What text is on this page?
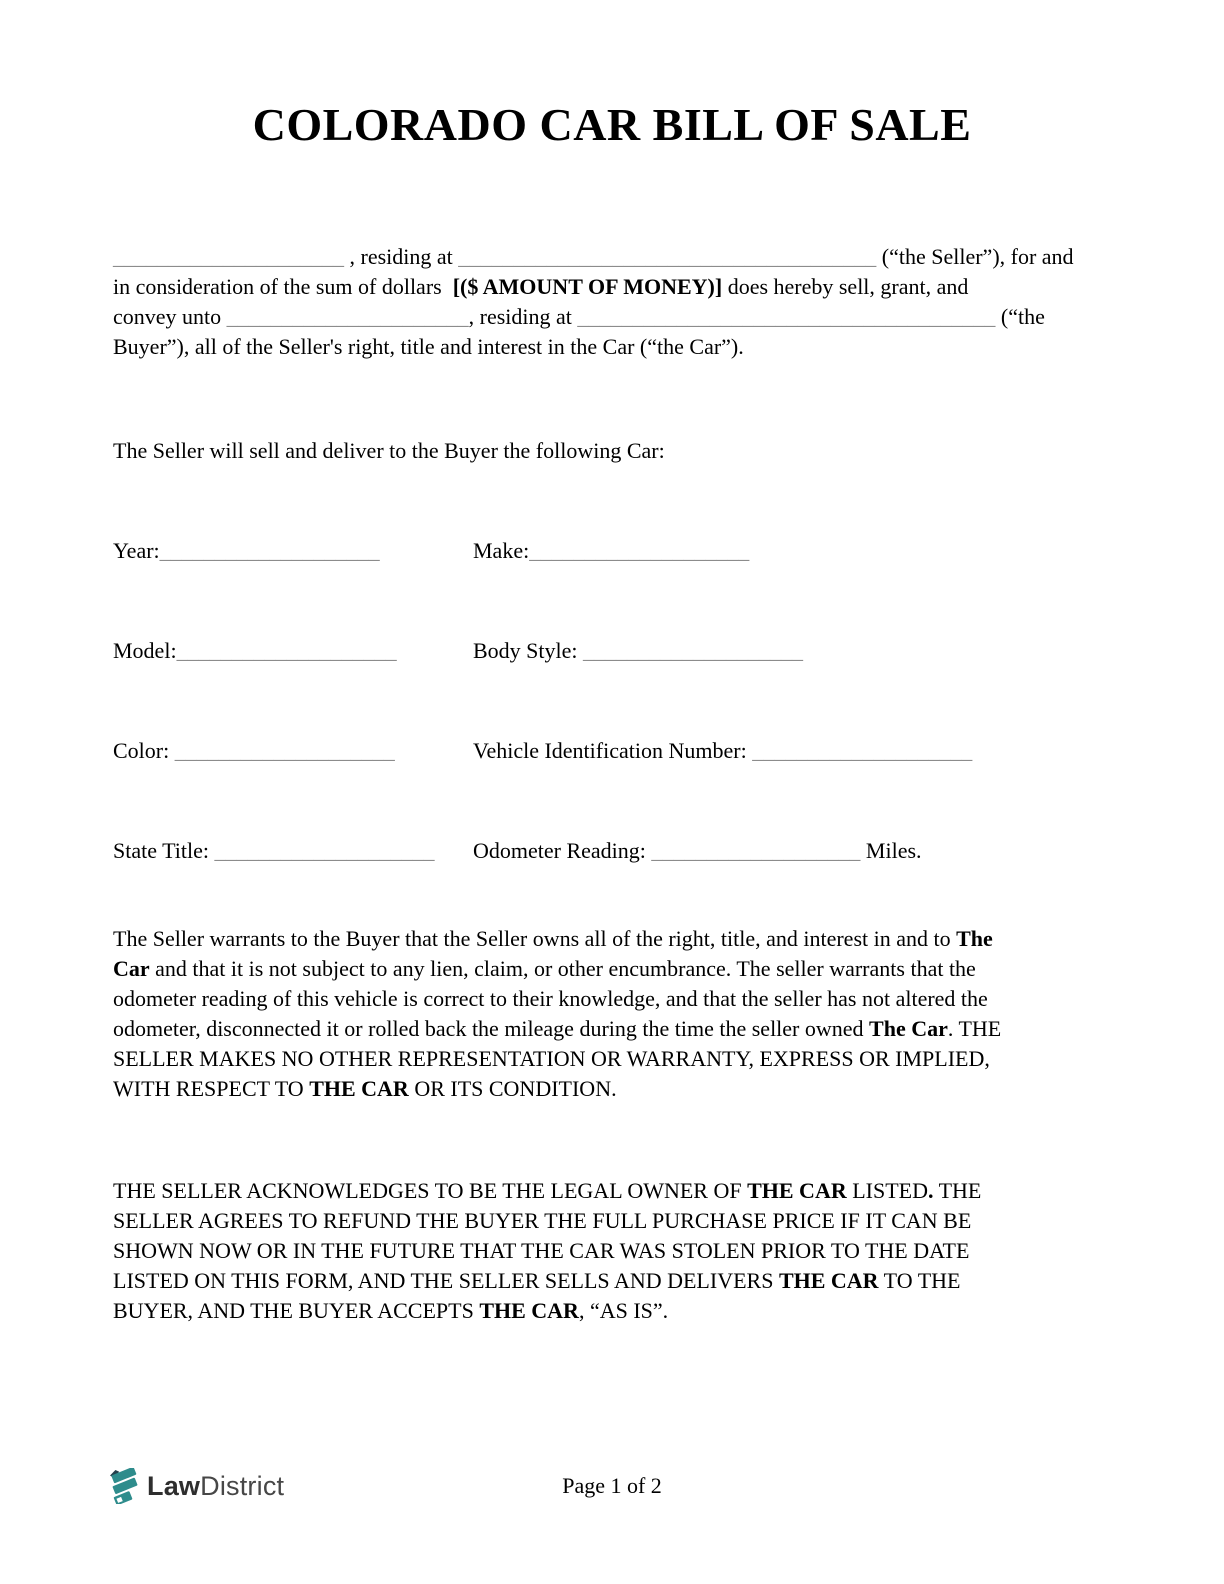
COLORADO CAR BILL OF SALE
_____________________ , residing at ______________________________________ (“the Seller”), for and
in consideration of the sum of dollars  [($ AMOUNT OF MONEY)] does hereby sell, grant, and
convey unto ______________________, residing at ______________________________________ (“the
Buyer”), all of the Seller's right, title and interest in the Car (“the Car”).
The Seller will sell and deliver to the Buyer the following Car:
Year:____________________	Make:____________________
Model:____________________	Body Style: ____________________
Color: ____________________	Vehicle Identification Number: ____________________
State Title: ____________________	Odometer Reading: ___________________ Miles.
The Seller warrants to the Buyer that the Seller owns all of the right, title, and interest in and to The
Car and that it is not subject to any lien, claim, or other encumbrance. The seller warrants that the
odometer reading of this vehicle is correct to their knowledge, and that the seller has not altered the
odometer, disconnected it or rolled back the mileage during the time the seller owned The Car. THE
SELLER MAKES NO OTHER REPRESENTATION OR WARRANTY, EXPRESS OR IMPLIED,
WITH RESPECT TO THE CAR OR ITS CONDITION.
THE SELLER ACKNOWLEDGES TO BE THE LEGAL OWNER OF THE CAR LISTED. THE
SELLER AGREES TO REFUND THE BUYER THE FULL PURCHASE PRICE IF IT CAN BE
SHOWN NOW OR IN THE FUTURE THAT THE CAR WAS STOLEN PRIOR TO THE DATE
LISTED ON THIS FORM, AND THE SELLER SELLS AND DELIVERS THE CAR TO THE
BUYER, AND THE BUYER ACCEPTS THE CAR, “AS IS”.
LawDistrict	Page 1 of 2
